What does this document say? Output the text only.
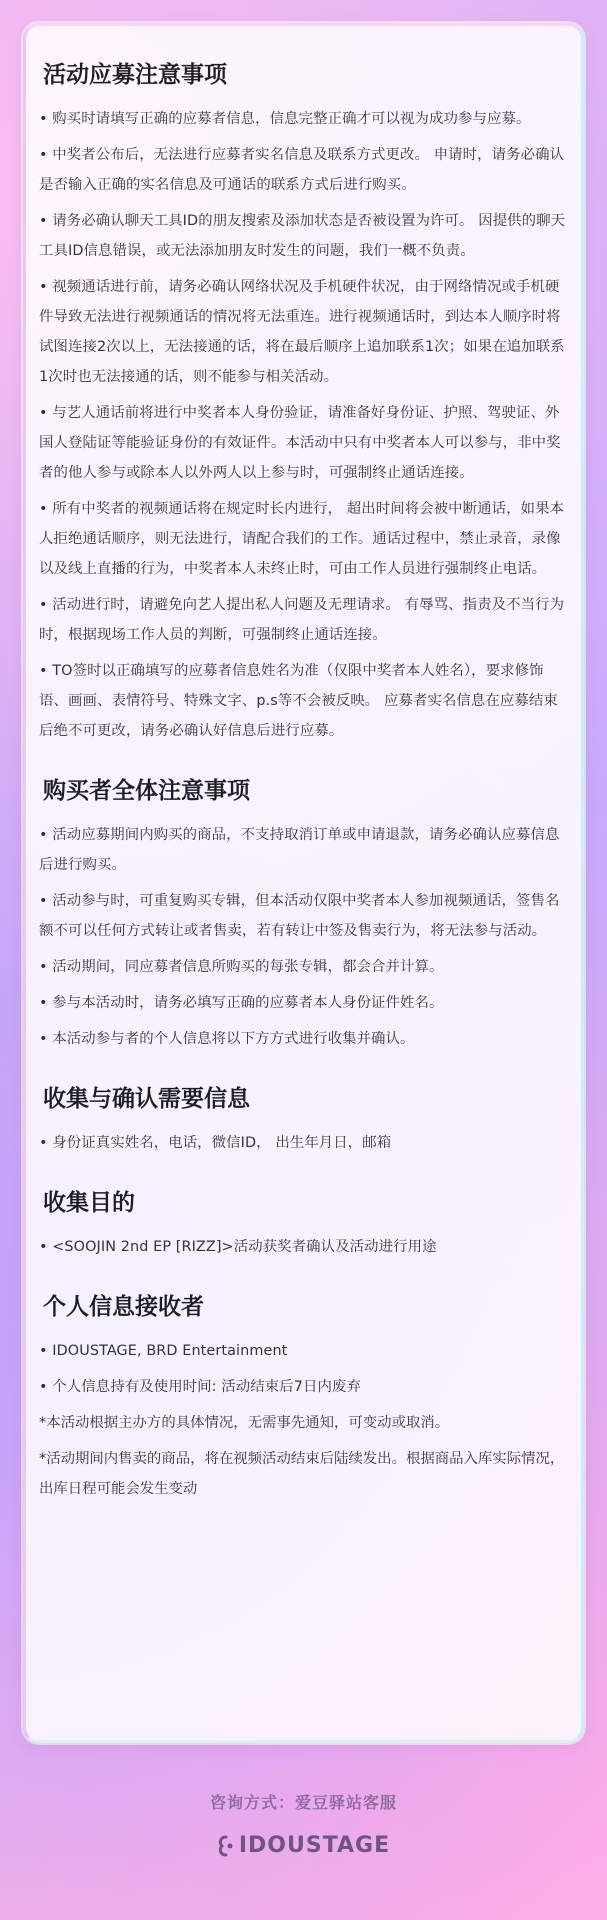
活动应募注意事项
• 购买时请填写正确的应募者信息，信息完整正确才可以视为成功参与应募。
• 中奖者公布后，无法进行应募者实名信息及联系方式更改。 申请时，请务必确认是否输入正确的实名信息及可通话的联系方式后进行购买。
• 请务必确认聊天工具ID的朋友搜索及添加状态是否被设置为许可。 因提供的聊天工具ID信息错误，或无法添加朋友时发生的问题，我们一概不负责。
• 视频通话进行前，请务必确认网络状况及手机硬件状况，由于网络情况或手机硬件导致无法进行视频通话的情况将无法重连。进行视频通话时，到达本人顺序时将试图连接2次以上，无法接通的话，将在最后顺序上追加联系1次；如果在追加联系1次时也无法接通的话，则不能参与相关活动。
• 与艺人通话前将进行中奖者本人身份验证，请准备好身份证、护照、驾驶证、外国人登陆证等能验证身份的有效证件。本活动中只有中奖者本人可以参与，非中奖者的他人参与或除本人以外两人以上参与时，可强制终止通话连接。
• 所有中奖者的视频通话将在规定时长内进行， 超出时间将会被中断通话，如果本人拒绝通话顺序，则无法进行，请配合我们的工作。通话过程中，禁止录音，录像 以及线上直播的行为，中奖者本人未终止时，可由工作人员进行强制终止电话。
• 活动进行时，请避免向艺人提出私人问题及无理请求。 有辱骂、指责及不当行为时，根据现场工作人员的判断，可强制终止通话连接。
• TO签时以正确填写的应募者信息姓名为准（仅限中奖者本人姓名），要求修饰语、画画、表情符号、特殊文字、p.s等不会被反映。 应募者实名信息在应募结束后绝不可更改，请务必确认好信息后进行应募。
购买者全体注意事项
• 活动应募期间内购买的商品，不支持取消订单或申请退款，请务必确认应募信息后进行购买。
• 活动参与时，可重复购买专辑，但本活动仅限中奖者本人参加视频通话，签售名额不可以任何方式转让或者售卖，若有转让中签及售卖行为，将无法参与活动。
• 活动期间，同应募者信息所购买的每张专辑，都会合并计算。
• 参与本活动时，请务必填写正确的应募者本人身份证件姓名。
• 本活动参与者的个人信息将以下方方式进行收集并确认。
收集与确认需要信息
• 身份证真实姓名，电话，微信ID， 出生年月日，邮箱
收集目的
• <SOOJIN 2nd EP [RIZZ]>活动获奖者确认及活动进行用途
个人信息接收者
• IDOUSTAGE, BRD Entertainment
• 个人信息持有及使用时间: 活动结束后7日内废弃
*本活动根据主办方的具体情况，无需事先通知，可变动或取消。
*活动期间内售卖的商品，将在视频活动结束后陆续发出。根据商品入库实际情况，出库日程可能会发生变动
咨询方式：爱豆驿站客服
IDOUSTAGE
